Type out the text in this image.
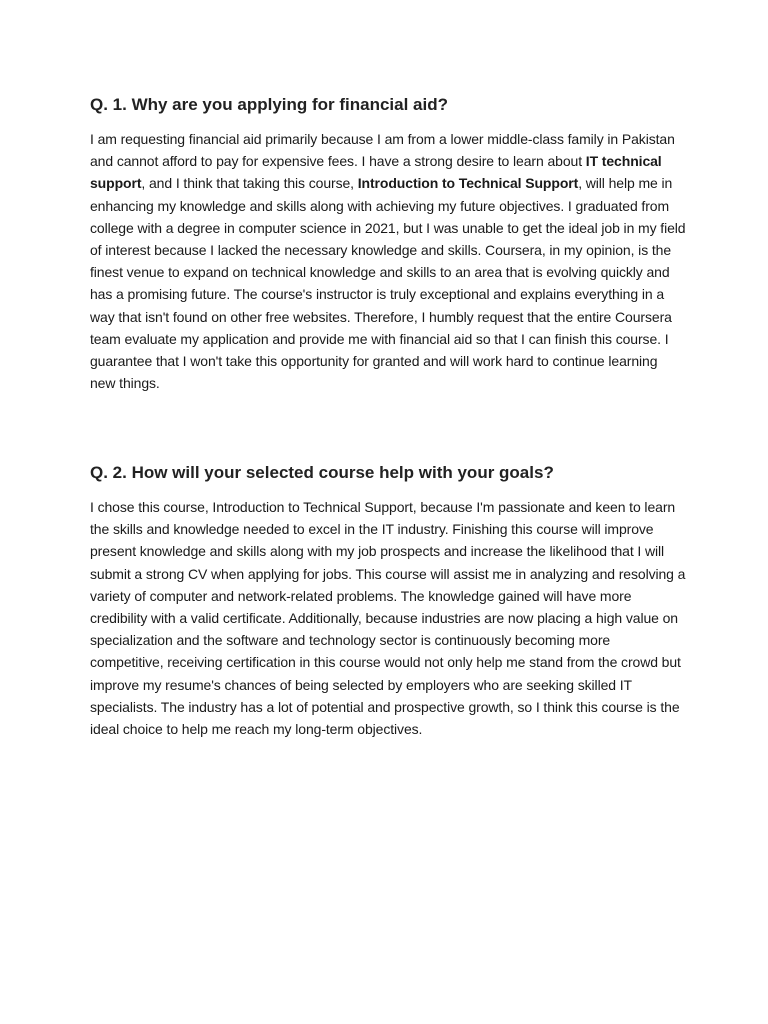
Q. 1. Why are you applying for financial aid?

I am requesting financial aid primarily because I am from a lower middle-class family in Pakistan and cannot afford to pay for expensive fees. I have a strong desire to learn about IT technical support, and I think that taking this course, Introduction to Technical Support, will help me in enhancing my knowledge and skills along with achieving my future objectives. I graduated from college with a degree in computer science in 2021, but I was unable to get the ideal job in my field of interest because I lacked the necessary knowledge and skills. Coursera, in my opinion, is the finest venue to expand on technical knowledge and skills to an area that is evolving quickly and has a promising future. The course's instructor is truly exceptional and explains everything in a way that isn't found on other free websites. Therefore, I humbly request that the entire Coursera team evaluate my application and provide me with financial aid so that I can finish this course. I guarantee that I won't take this opportunity for granted and will work hard to continue learning new things.

Q. 2. How will your selected course help with your goals?

I chose this course, Introduction to Technical Support, because I'm passionate and keen to learn the skills and knowledge needed to excel in the IT industry. Finishing this course will improve present knowledge and skills along with my job prospects and increase the likelihood that I will submit a strong CV when applying for jobs. This course will assist me in analyzing and resolving a variety of computer and network-related problems. The knowledge gained will have more credibility with a valid certificate. Additionally, because industries are now placing a high value on specialization and the software and technology sector is continuously becoming more competitive, receiving certification in this course would not only help me stand from the crowd but improve my resume's chances of being selected by employers who are seeking skilled IT specialists. The industry has a lot of potential and prospective growth, so I think this course is the ideal choice to help me reach my long-term objectives.
